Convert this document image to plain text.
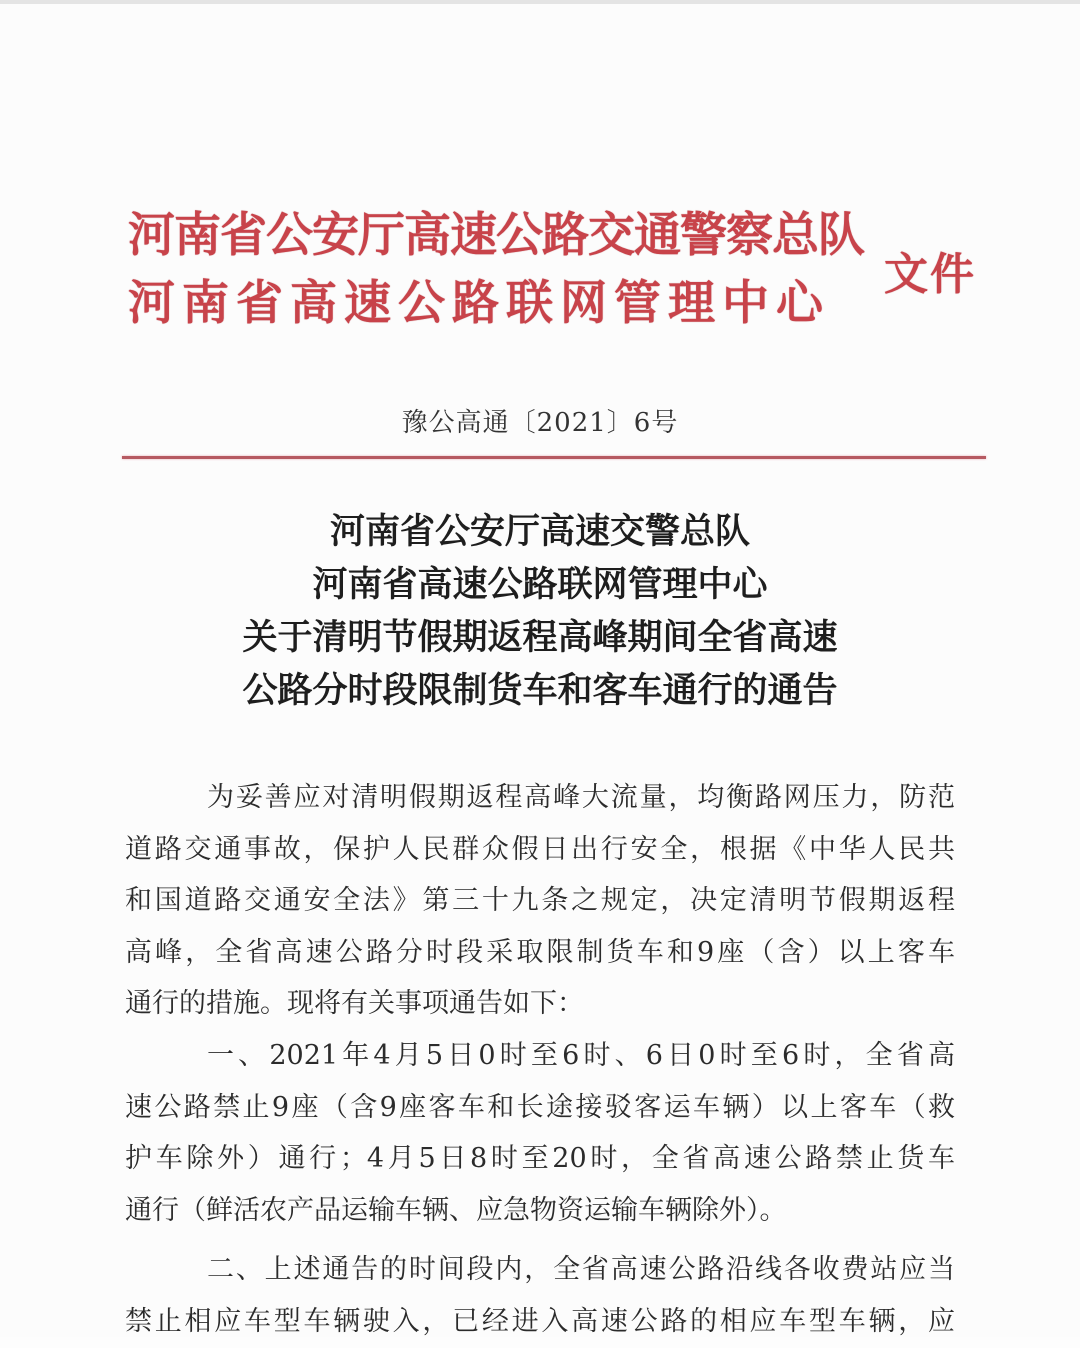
河南省公安厅高速公路交通警察总队
河南省高速公路联网管理中心
文件
豫公高通〔2021〕6号
河南省公安厅高速交警总队
河南省高速公路联网管理中心
关于清明节假期返程高峰期间全省高速
公路分时段限制货车和客车通行的通告
为妥善应对清明假期返程高峰大流量，均衡路网压力，防范
道路交通事故，保护人民群众假日出行安全，根据《中华人民共
和国道路交通安全法》第三十九条之规定，决定清明节假期返程
高峰，全省高速公路分时段采取限制货车和9座（含）以上客车
通行的措施。现将有关事项通告如下：
一、2021年4月5日0时至6时、6日0时至6时，全省高
速公路禁止9座（含9座客车和长途接驳客运车辆）以上客车（救
护车除外）通行；4月5日8时至20时，全省高速公路禁止货车
通行（鲜活农产品运输车辆、应急物资运输车辆除外）。
二、上述通告的时间段内，全省高速公路沿线各收费站应当
禁止相应车型车辆驶入，已经进入高速公路的相应车型车辆，应
